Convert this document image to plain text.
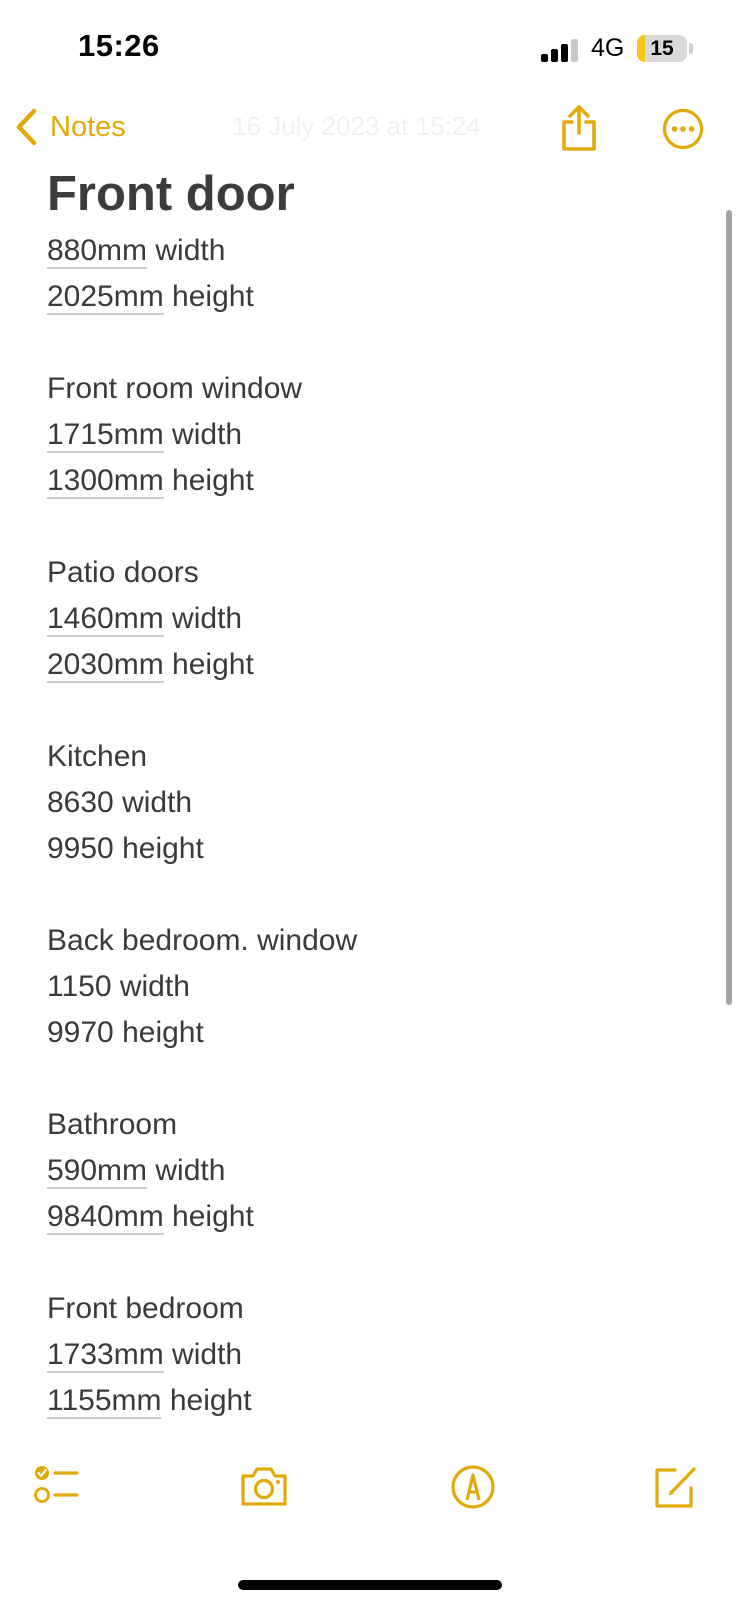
15:26	4G	15
Notes	16 July 2023 at 15:24
Front door
880mm width
2025mm height
Front room window
1715mm width
1300mm height
Patio doors
1460mm width
2030mm height
Kitchen
8630 width
9950 height
Back bedroom. window
1150 width
9970 height
Bathroom
590mm width
9840mm height
Front bedroom
1733mm width
1155mm height
